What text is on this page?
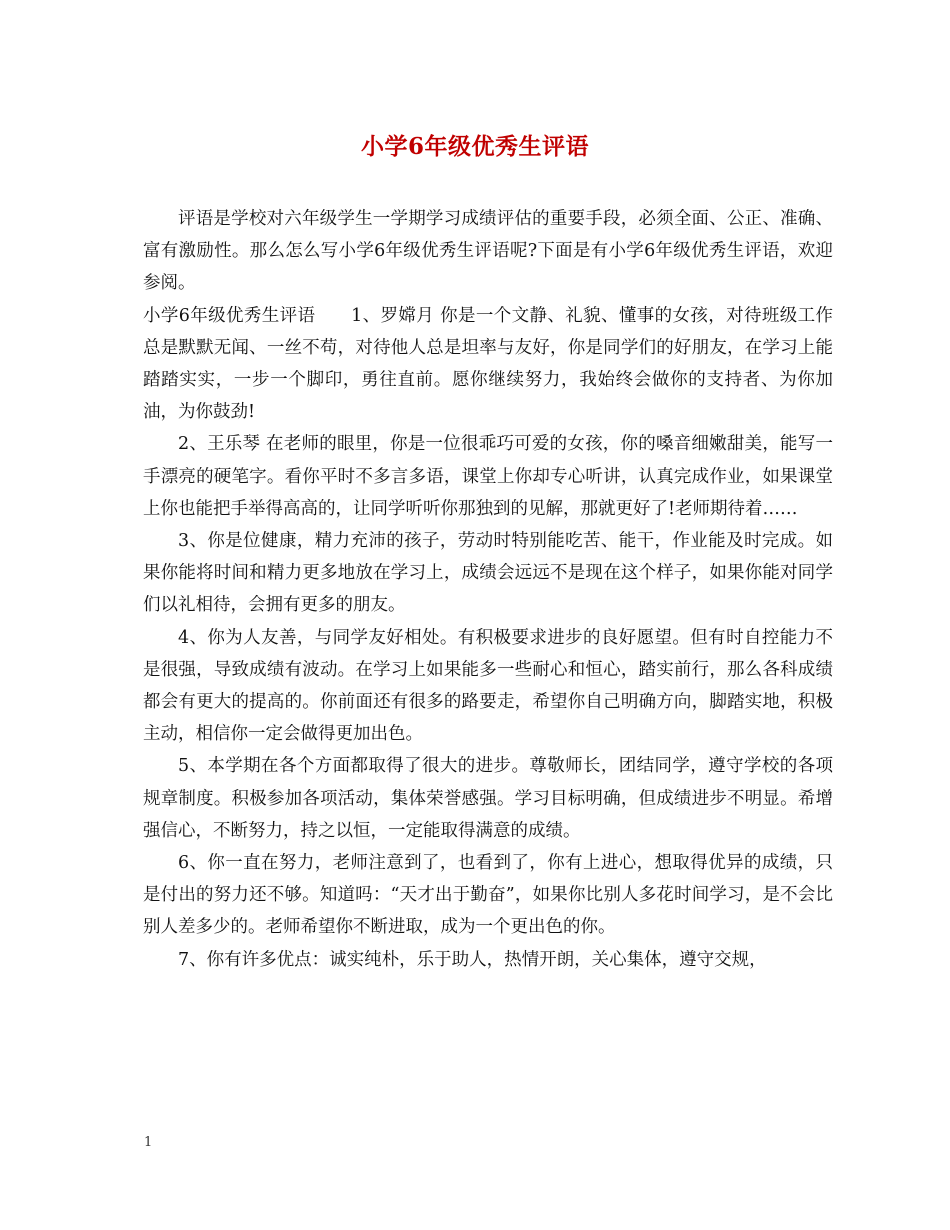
小学6年级优秀生评语

评语是学校对六年级学生一学期学习成绩评估的重要手段，必须全面、公正、准确、富有激励性。那么怎么写小学6年级优秀生评语呢?下面是有小学6年级优秀生评语，欢迎参阅。

小学6年级优秀生评语　　1、罗嫦月 你是一个文静、礼貌、懂事的女孩，对待班级工作总是默默无闻、一丝不苟，对待他人总是坦率与友好，你是同学们的好朋友，在学习上能踏踏实实，一步一个脚印，勇往直前。愿你继续努力，我始终会做你的支持者、为你加油，为你鼓劲!

2、王乐琴 在老师的眼里，你是一位很乖巧可爱的女孩，你的嗓音细嫩甜美，能写一手漂亮的硬笔字。看你平时不多言多语，课堂上你却专心听讲，认真完成作业，如果课堂上你也能把手举得高高的，让同学听听你那独到的见解，那就更好了!老师期待着……

3、你是位健康，精力充沛的孩子，劳动时特别能吃苦、能干，作业能及时完成。如果你能将时间和精力更多地放在学习上，成绩会远远不是现在这个样子，如果你能对同学们以礼相待，会拥有更多的朋友。

4、你为人友善，与同学友好相处。有积极要求进步的良好愿望。但有时自控能力不是很强，导致成绩有波动。在学习上如果能多一些耐心和恒心，踏实前行，那么各科成绩都会有更大的提高的。你前面还有很多的路要走，希望你自己明确方向，脚踏实地，积极主动，相信你一定会做得更加出色。

5、本学期在各个方面都取得了很大的进步。尊敬师长，团结同学，遵守学校的各项规章制度。积极参加各项活动，集体荣誉感强。学习目标明确，但成绩进步不明显。希增强信心，不断努力，持之以恒，一定能取得满意的成绩。

6、你一直在努力，老师注意到了，也看到了，你有上进心，想取得优异的成绩，只是付出的努力还不够。知道吗：“天才出于勤奋”，如果你比别人多花时间学习，是不会比别人差多少的。老师希望你不断进取，成为一个更出色的你。

7、你有许多优点：诚实纯朴，乐于助人，热情开朗，关心集体，遵守交规，

1
